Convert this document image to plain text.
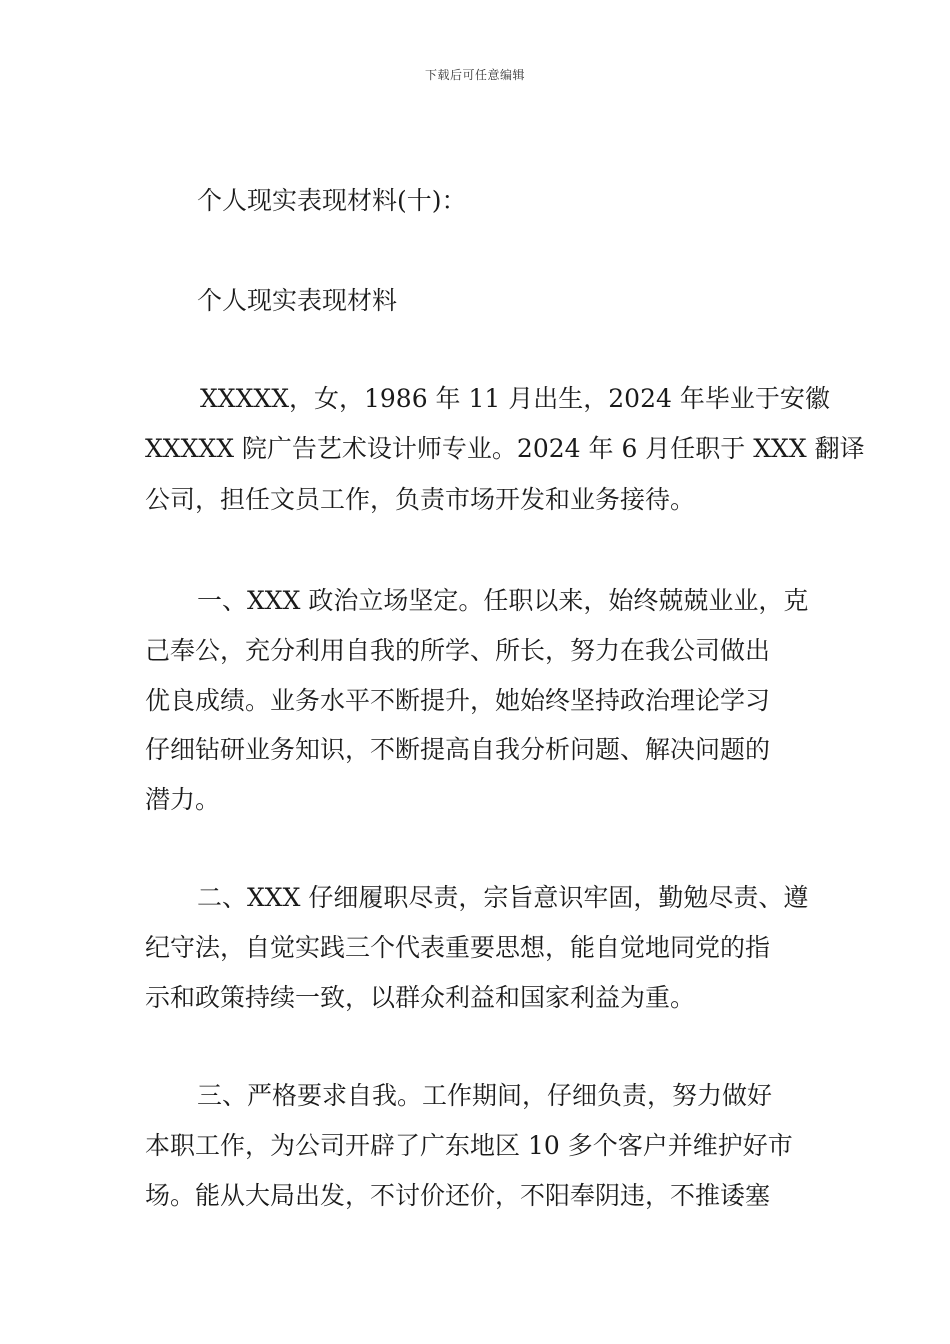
下载后可任意编辑
个人现实表现材料(十)：
个人现实表现材料
XXXXX，女，1986 年 11 月出生，2024 年毕业于安徽
XXXXX 院广告艺术设计师专业。2024 年 6 月任职于 XXX 翻译
公司，担任文员工作，负责市场开发和业务接待。
一、XXX 政治立场坚定。任职以来，始终兢兢业业，克
己奉公，充分利用自我的所学、所长，努力在我公司做出
优良成绩。业务水平不断提升，她始终坚持政治理论学习
仔细钻研业务知识，不断提高自我分析问题、解决问题的
潜力。
二、XXX 仔细履职尽责，宗旨意识牢固，勤勉尽责、遵
纪守法，自觉实践三个代表重要思想，能自觉地同党的指
示和政策持续一致，以群众利益和国家利益为重。
三、严格要求自我。工作期间，仔细负责，努力做好
本职工作，为公司开辟了广东地区 10 多个客户并维护好市
场。能从大局出发，不讨价还价，不阳奉阴违，不推诿塞
